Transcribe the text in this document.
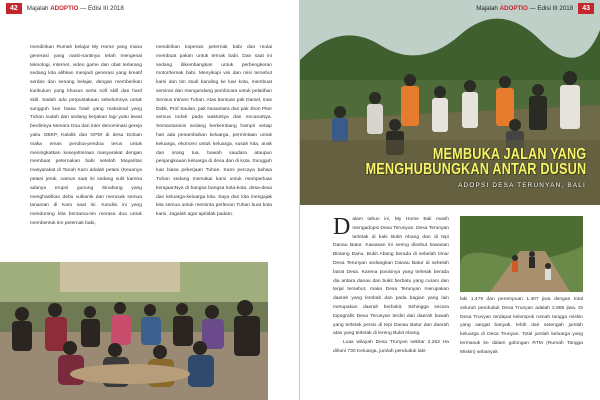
42	Majalah ADOPTIO — Edisi III 2018
mendirikan Rumah belajar My Home yang mana generasi yang nanti-nantinya telah mengenal teknologi, internet, video game dan obat terlarang sedang kita alihkan menjadi generasi yang kreatif serdas dan senang belajar, dengan memberikan kurikulum yang khusus serta soft skill dan hard skill. Sadah ada perpustakaan sebelumnya untuk sungguh luar biasa hasil yang maksimal yang Tuhan sudah dan sedang kerjakan lagi yaitu lewat berdirinya Menara Doa dari inter denominasi gereja yaitu GBKP, Katolik dan GPDI di desa Doloan maka emas pendoa-pendoa terus untuk meningkatkan kesejahteraan masyarakat dengan membuat peternakan babi setelah Mayaritas masyarakat di Tanah Karo adalah petani (Keuanya petani jeruk, namun saat ini sedang sulit karena adanya erupsi gunung Sinabung yang menghasilkan debu vulkanik dan merusak semua tanaman di Karo saat ini. Kondisi ini yang mendorong kita bersama-tim merasa doa untuk membentuk tim peternak babi,
mendirikan koperasi peternak babi dan mulai membuat pakan untuk ternak babi. Dan saat ini sedang dikembangkan untuk perbengkeran motor/ternak babi. Menyikapi visi dan misi tersebut kami dan tim studi banding ke luar kota, membuat seminar dan mengundang pembicara untuk pelatihan Sensus Intrans Tuhan. Atas bantuan pak Daniel, mas Didik, Prof Saulan, pak Nusantara dan pak Jhon Piter semua Indah pada waktuNya dan encanaNya. Semantaranis sedang berkembang hampir setiap hari ada penambahan keluarga, permintaan untuk keluarga, ekonomi untuk keluarga, susah kita, anak dan orang tua, bawah saudara ataupun penjangkauan keluarga di desa dan di kota. Sungguh luar biasa pekerjaan Tuhan. Kami percaya bahwa Tuhan sedang memakai kami untuk memperluas kerajaanNya di bangsa bangsa kota-kota, desa-desa dan keluarga-keluarga kita. Saya dan kita mengajak kita semua untuk meminta perlenan Tuhan buat kota kami. Jagalah agar apitidak padam.
Majalah ADOPTIO — Edisi III 2018	43
MEMBUKA JALAN YANG
MENGHUBUNGKAN ANTAR DUSUN
ADOPSI DESA TERUNYAN, BALI

Dalam tahun ini, My Home Bali masih mengadopsi Desa Terunyan. Desa Terunyan terletak di kaki Bukit Abang dan di tepi Danau Batur. Kawasan ini sering disebut kawasan Bintang Danu. Bukit Abang berada di sebelah timur Desa Terunyan sedangkan Danau Batur di sebelah barat Desa. Karena posisinya yang terletak berada dia antara danau dan bukit berbatu yang curam dan terjal tersebut, maka Desa Terunyan merupakan daerah yang lembah dan pada bagian yang lain merupakan daerah berbukit. Sehingga secara topografis Desa Terunyan terdiri dari daerah bawah yang terletak persis di tepi Danau Batur dan daerah atas yang terletak di lereng Bukit Abang.

Luas wilayah Desa Trunyan sekitar 2.263 Ha dihuni 730 Keluarga, jumlah penduduk laki-

laki 1.479 dan perempuan 1.407 jiwa dengan total seluruh penduduk Desa Trunyan adalah 2.886 jiwa. Di Desa Trunyan terdapat kelompok rumah tangga miskin yang sangat banyak, lebih dari setengah jumlah keluarga di Desa Trunyan. Total jumlah keluarga yang termasuk ke dalam golongan RTM (Rumah Tangga Miskin) sebanyak
